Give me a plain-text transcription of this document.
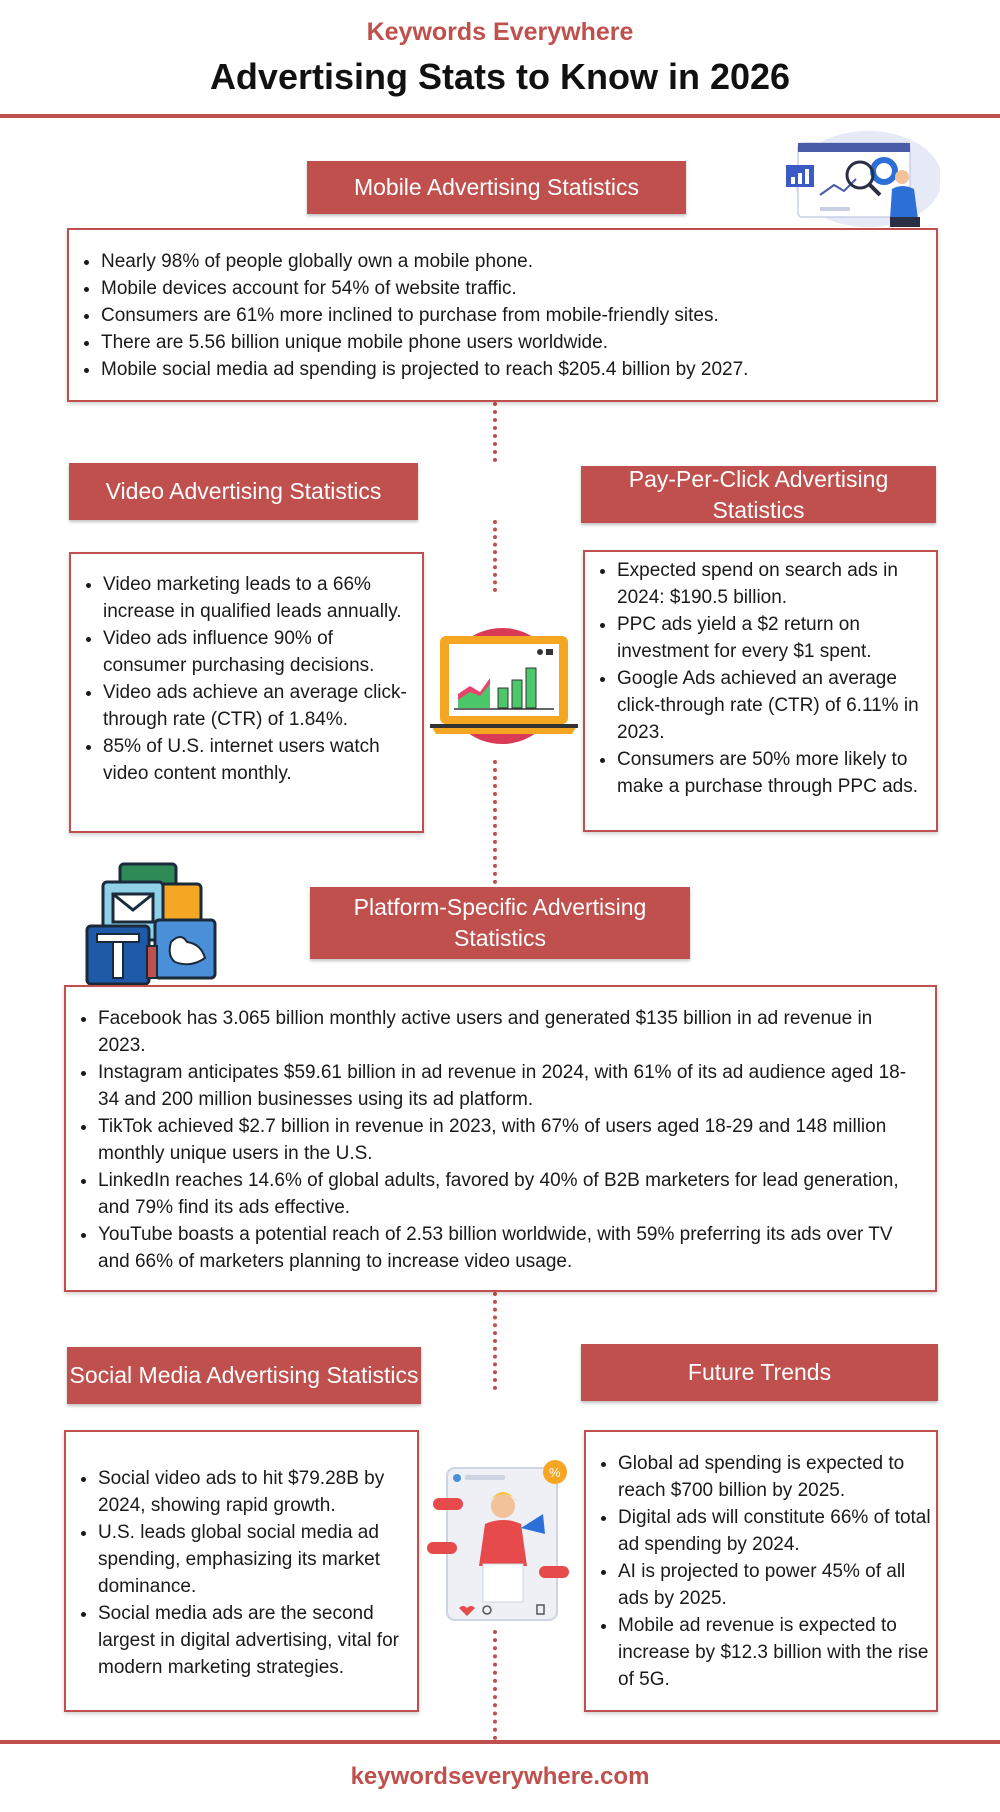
Keywords Everywhere
Advertising Stats to Know in 2026
Mobile Advertising Statistics
• Nearly 98% of people globally own a mobile phone.
• Mobile devices account for 54% of website traffic.
• Consumers are 61% more inclined to purchase from mobile-friendly sites.
• There are 5.56 billion unique mobile phone users worldwide.
• Mobile social media ad spending is projected to reach $205.4 billion by 2027.
Video Advertising Statistics
• Video marketing leads to a 66% increase in qualified leads annually.
• Video ads influence 90% of consumer purchasing decisions.
• Video ads achieve an average click-through rate (CTR) of 1.84%.
• 85% of U.S. internet users watch video content monthly.
Pay-Per-Click Advertising Statistics
• Expected spend on search ads in 2024: $190.5 billion.
• PPC ads yield a $2 return on investment for every $1 spent.
• Google Ads achieved an average click-through rate (CTR) of 6.11% in 2023.
• Consumers are 50% more likely to make a purchase through PPC ads.
Platform-Specific Advertising Statistics
• Facebook has 3.065 billion monthly active users and generated $135 billion in ad revenue in 2023.
• Instagram anticipates $59.61 billion in ad revenue in 2024, with 61% of its ad audience aged 18-34 and 200 million businesses using its ad platform.
• TikTok achieved $2.7 billion in revenue in 2023, with 67% of users aged 18-29 and 148 million monthly unique users in the U.S.
• LinkedIn reaches 14.6% of global adults, favored by 40% of B2B marketers for lead generation, and 79% find its ads effective.
• YouTube boasts a potential reach of 2.53 billion worldwide, with 59% preferring its ads over TV and 66% of marketers planning to increase video usage.
Social Media Advertising Statistics
• Social video ads to hit $79.28B by 2024, showing rapid growth.
• U.S. leads global social media ad spending, emphasizing its market dominance.
• Social media ads are the second largest in digital advertising, vital for modern marketing strategies.
Future Trends
• Global ad spending is expected to reach $700 billion by 2025.
• Digital ads will constitute 66% of total ad spending by 2024.
• AI is projected to power 45% of all ads by 2025.
• Mobile ad revenue is expected to increase by $12.3 billion with the rise of 5G.
%
keywordseverywhere.com
